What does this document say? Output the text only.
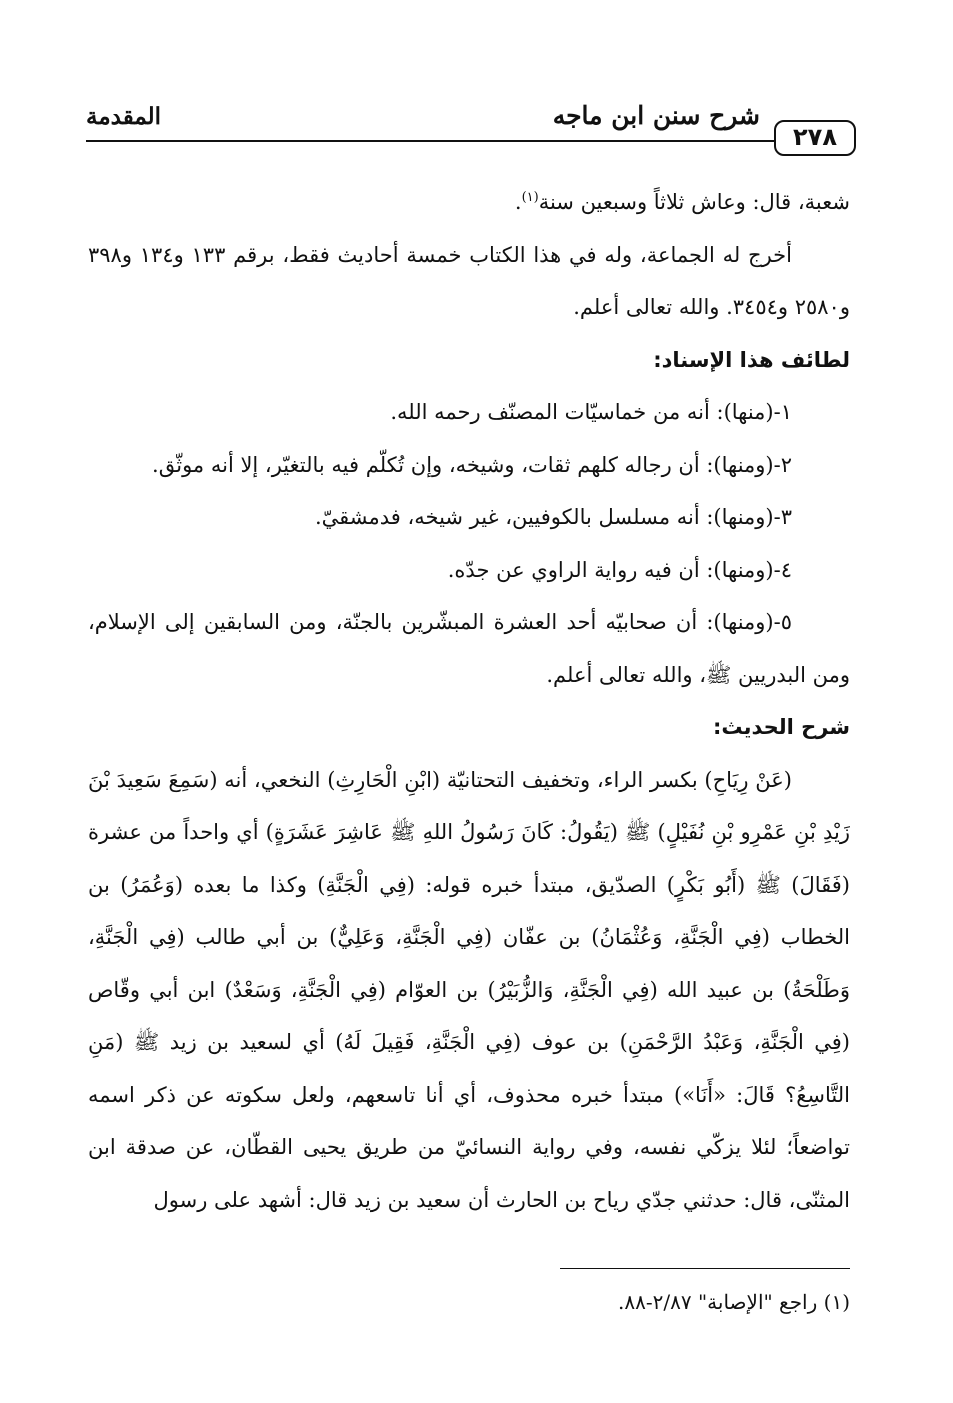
٢٧٨
شرح سنن ابن ماجه
المقدمة

شعبة، قال: وعاش ثلاثاً وسبعين سنة$^{(١)}$.

أخرج له الجماعة، وله في هذا الكتاب خمسة أحاديث فقط، برقم ١٣٣ و١٣٤ و٣٩٨ و٢٥٨٠ و٣٤٥٤. والله تعالى أعلم.

لطائف هذا الإسناد:

١-(منها): أنه من خماسيّات المصنّف رحمه الله.

٢-(ومنها): أن رجاله كلهم ثقات، وشيخه، وإن تُكلّم فيه بالتغيّر، إلا أنه موثّق.

٣-(ومنها): أنه مسلسل بالكوفيين، غير شيخه، فدمشقيّ.

٤-(ومنها): أن فيه رواية الراوي عن جدّه.

٥-(ومنها): أن صحابيّه أحد العشرة المبشّرين بالجنّة، ومن السابقين إلى الإسلام، ومن البدريين ﷺ، والله تعالى أعلم.

شرح الحديث:

(عَنْ رِيَاحِ) بكسر الراء، وتخفيف التحتانيّة (ابْنِ الْحَارِثِ) النخعي، أنه (سَمِعَ سَعِيدَ بْنَ زَيْدِ بْنِ عَمْرِو بْنِ نُفَيْلٍ) ﷺ (يَقُولُ: كَانَ رَسُولُ اللهِ ﷺ عَاشِرَ عَشَرَةٍ) أي واحداً من عشرة (فَقَالَ) ﷺ (أَبُو بَكْرٍ) الصدّيق، مبتدأ خبره قوله: (فِي الْجَنَّةِ) وكذا ما بعده (وَعُمَرُ) بن الخطاب (فِي الْجَنَّةِ، وَعُثْمَانُ) بن عفّان (فِي الْجَنَّةِ، وَعَلِيٌّ) بن أبي طالب (فِي الْجَنَّةِ، وَطَلْحَةُ) بن عبيد الله (فِي الْجَنَّةِ، وَالزُّبَيْرُ) بن العوّام (فِي الْجَنَّةِ، وَسَعْدٌ) ابن أبي وقّاص (فِي الْجَنَّةِ، وَعَبْدُ الرَّحْمَنِ) بن عوف (فِي الْجَنَّةِ، فَقِيلَ لَهُ) أي لسعيد بن زيد ﷺ (مَنِ التَّاسِعُ؟ قَالَ: «أَنَا») مبتدأ خبره محذوف، أي أنا تاسعهم، ولعل سكوته عن ذكر اسمه تواضعاً؛ لئلا يزكّي نفسه، وفي رواية النسائيّ من طريق يحيى القطّان، عن صدقة ابن المثنّى، قال: حدثني جدّي رياح بن الحارث أن سعيد بن زيد قال: أشهد على رسول

(١) راجع "الإصابة" ٢/٨٧-٨٨.
